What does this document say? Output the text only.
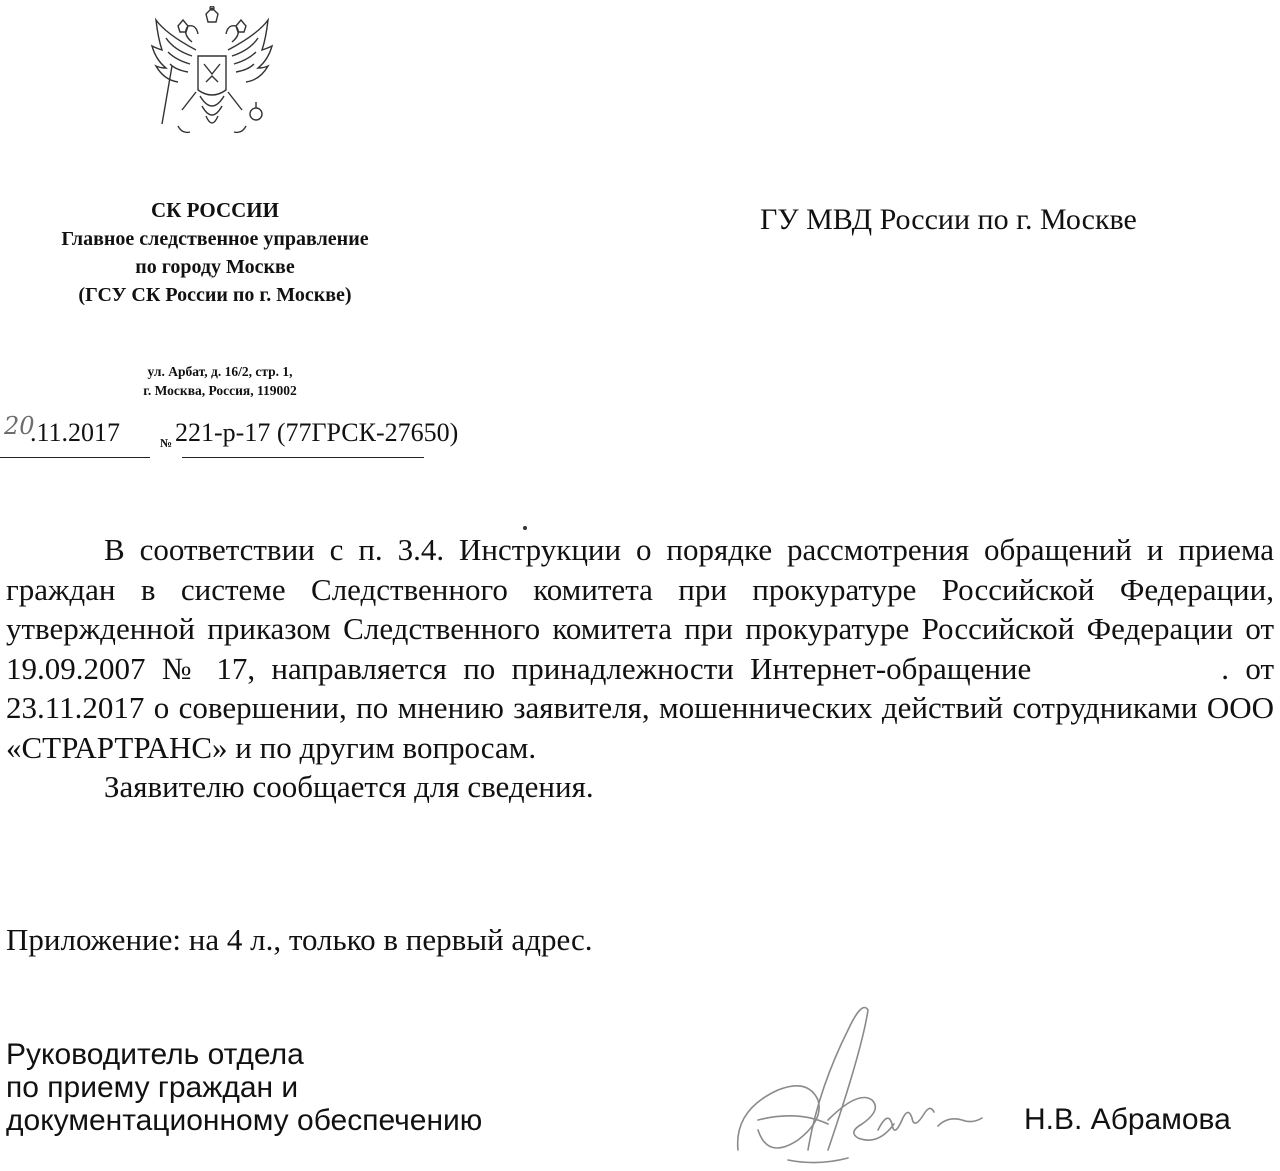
СК РОССИИ
Главное следственное управление
по городу Москве
(ГСУ СК России по г. Москве)
ул. Арбат, д. 16/2, стр. 1,
г. Москва, Россия, 119002
ГУ МВД России по г. Москве
20
.11.2017	№ 221-р-17 (77ГРСК-27650)

В соответствии с п. 3.4. Инструкции о порядке рассмотрения обращений и приема граждан в системе Следственного комитета при прокуратуре Российской Федерации, утвержденной приказом Следственного комитета при прокуратуре Российской Федерации от 19.09.2007 № 17, направляется по принадлежности Интернет-обращение	. от 23.11.2017 о совершении, по мнению заявителя, мошеннических действий сотрудниками ООО «СТРАРТРАНС» и по другим вопросам.

Заявителю сообщается для сведения.

Приложение: на 4 л., только в первый адрес.
Руководитель отдела
по приему граждан и
документационному обеспечению	Н.В. Абрамова
